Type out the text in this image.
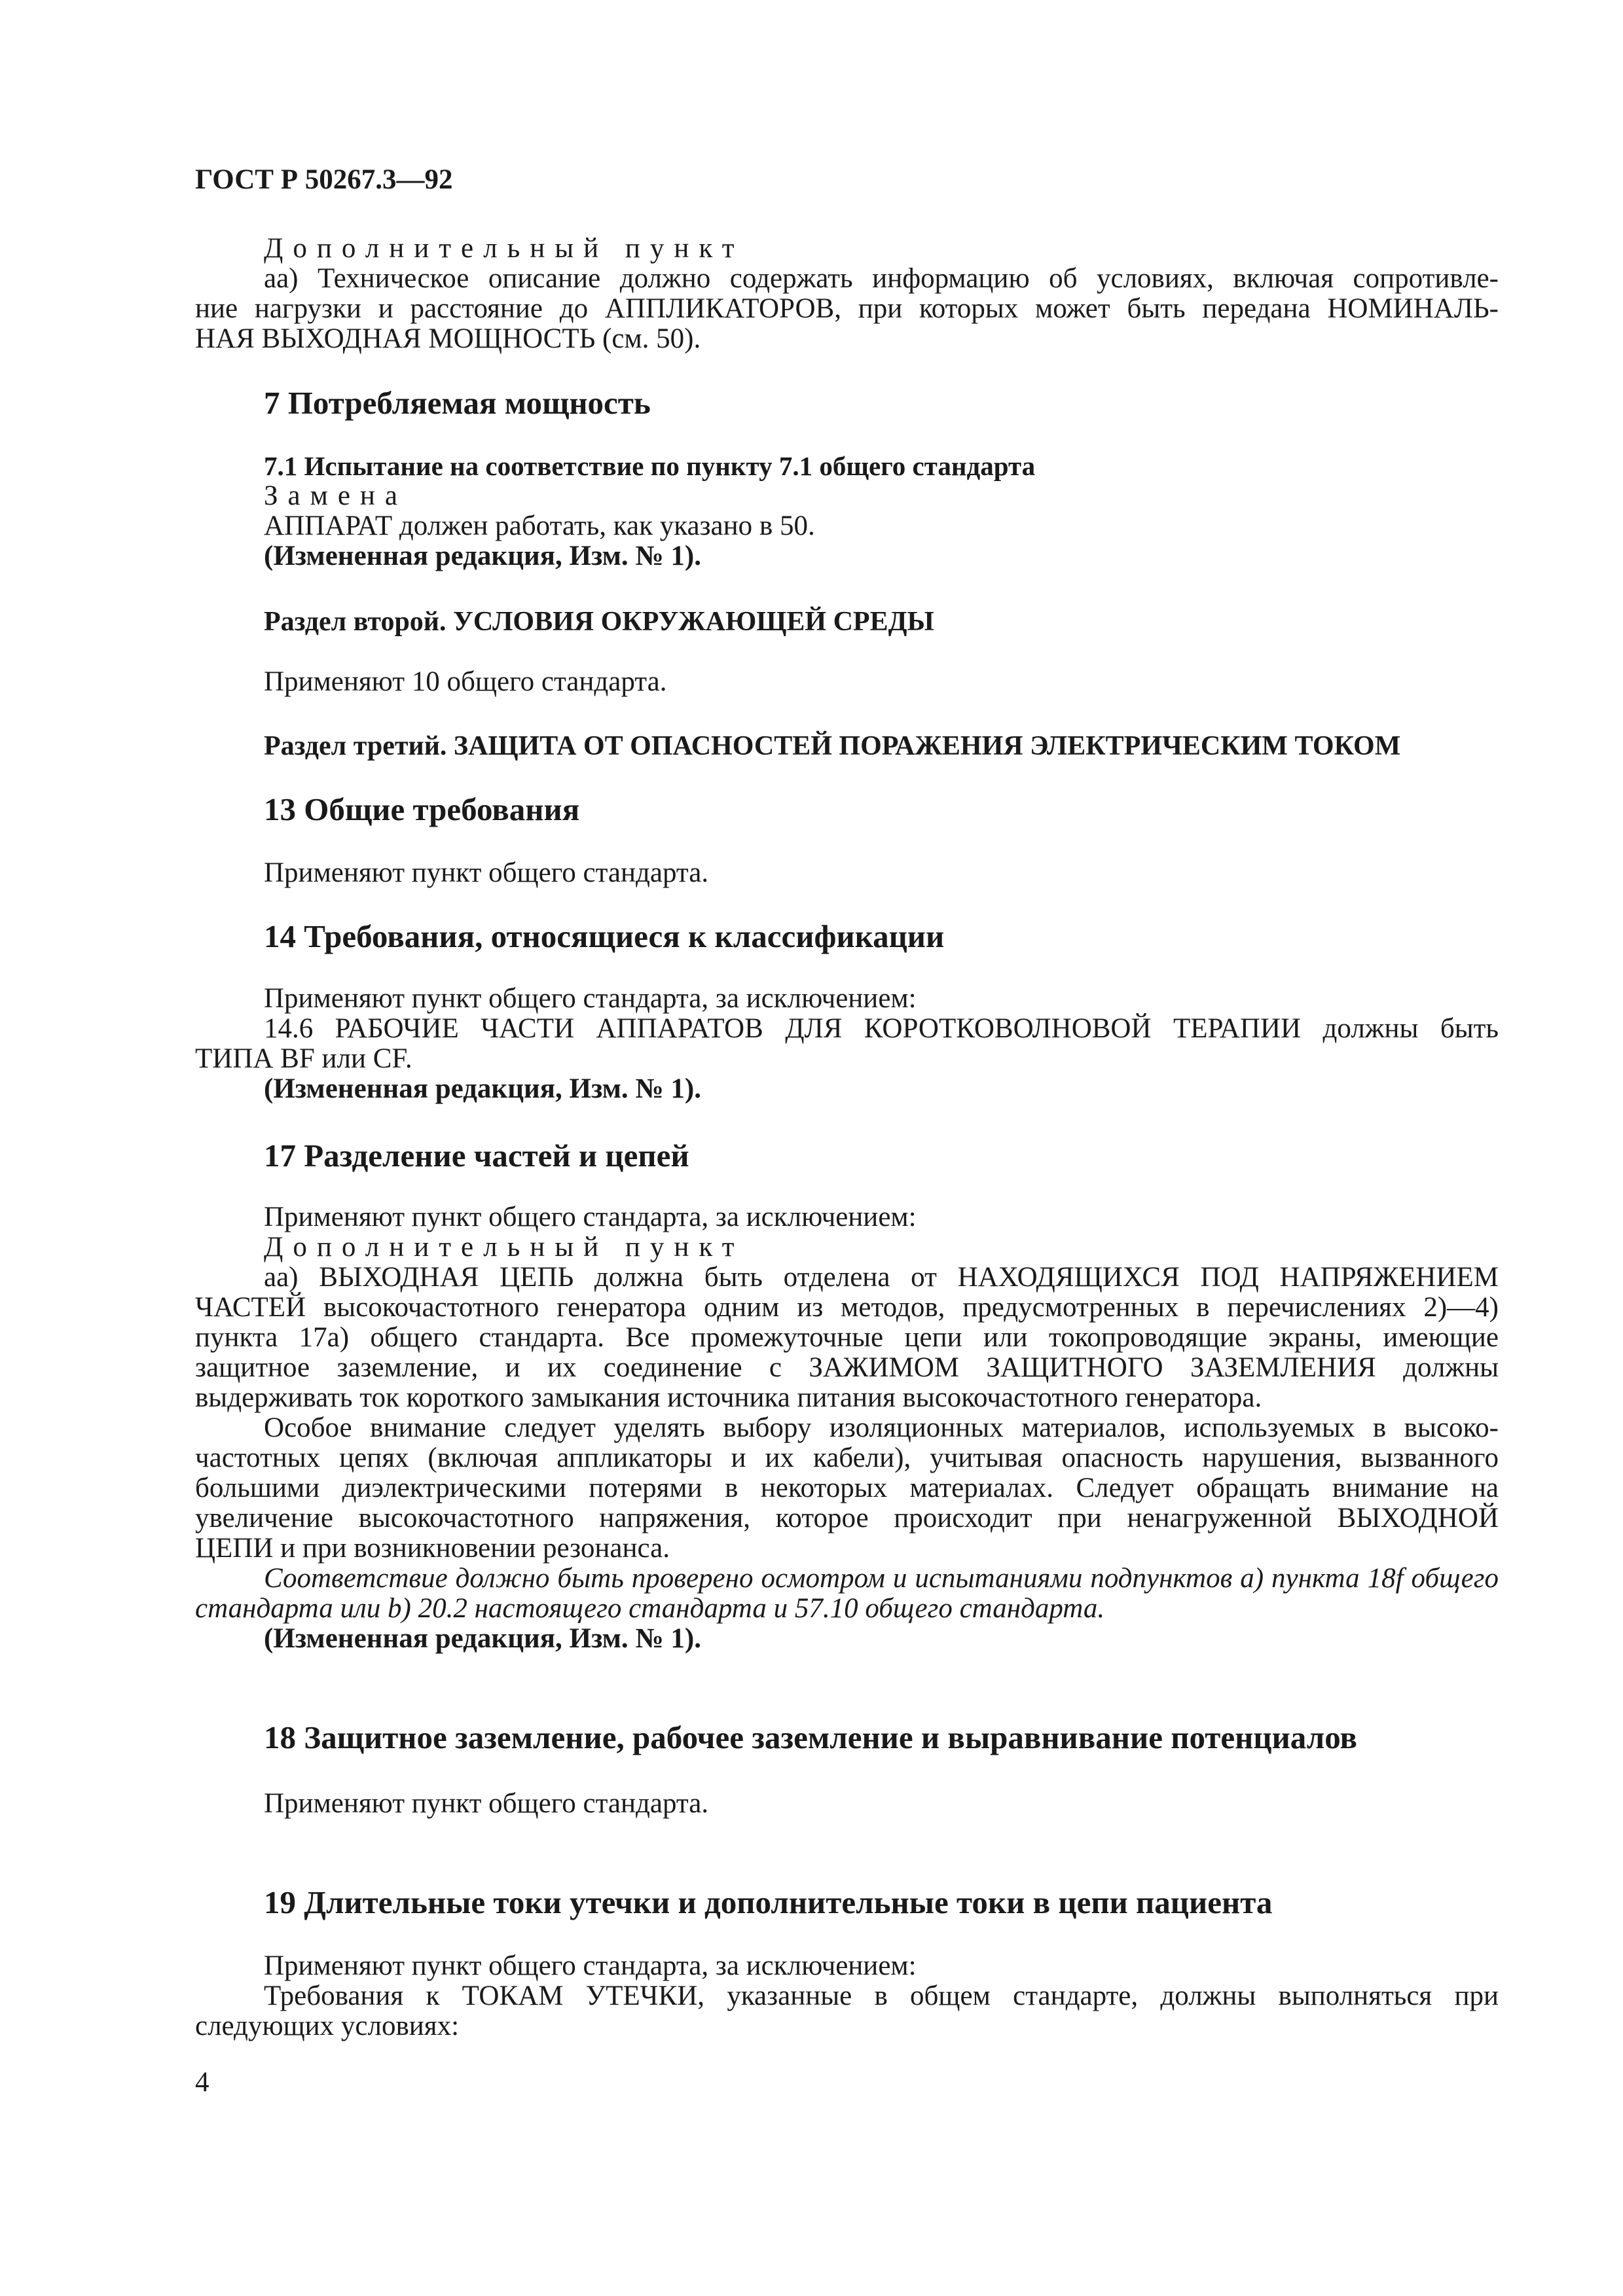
ГОСТ Р 50267.3—92
Дополнительный пункт
аа) Техническое описание должно содержать информацию об условиях, включая сопротивле-
ние нагрузки и расстояние до АППЛИКАТОРОВ, при которых может быть передана НОМИНАЛЬ-
НАЯ ВЫХОДНАЯ МОЩНОСТЬ (см. 50).
7 Потребляемая мощность
7.1 Испытание на соответствие по пункту 7.1 общего стандарта
Замена
АППАРАТ должен работать, как указано в 50.
(Измененная редакция, Изм. № 1).
Раздел второй. УСЛОВИЯ ОКРУЖАЮЩЕЙ СРЕДЫ
Применяют 10 общего стандарта.
Раздел третий. ЗАЩИТА ОТ ОПАСНОСТЕЙ ПОРАЖЕНИЯ ЭЛЕКТРИЧЕСКИМ ТОКОМ
13 Общие требования
Применяют пункт общего стандарта.
14 Требования, относящиеся к классификации
Применяют пункт общего стандарта, за исключением:
14.6 РАБОЧИЕ ЧАСТИ АППАРАТОВ ДЛЯ КОРОТКОВОЛНОВОЙ ТЕРАПИИ должны быть
ТИПА BF или CF.
(Измененная редакция, Изм. № 1).
17 Разделение частей и цепей
Применяют пункт общего стандарта, за исключением:
Дополнительный пункт
аа) ВЫХОДНАЯ ЦЕПЬ должна быть отделена от НАХОДЯЩИХСЯ ПОД НАПРЯЖЕНИЕМ
ЧАСТЕЙ высокочастотного генератора одним из методов, предусмотренных в перечислениях 2)—4)
пункта 17а) общего стандарта. Все промежуточные цепи или токопроводящие экраны, имеющие
защитное заземление, и их соединение с ЗАЖИМОМ ЗАЩИТНОГО ЗАЗЕМЛЕНИЯ должны
выдерживать ток короткого замыкания источника питания высокочастотного генератора.
Особое внимание следует уделять выбору изоляционных материалов, используемых в высоко-
частотных цепях (включая аппликаторы и их кабели), учитывая опасность нарушения, вызванного
большими диэлектрическими потерями в некоторых материалах. Следует обращать внимание на
увеличение высокочастотного напряжения, которое происходит при ненагруженной ВЫХОДНОЙ
ЦЕПИ и при возникновении резонанса.
Соответствие должно быть проверено осмотром и испытаниями подпунктов а) пункта 18f общего
стандарта или b) 20.2 настоящего стандарта и 57.10 общего стандарта.
(Измененная редакция, Изм. № 1).
18 Защитное заземление, рабочее заземление и выравнивание потенциалов
Применяют пункт общего стандарта.
19 Длительные токи утечки и дополнительные токи в цепи пациента
Применяют пункт общего стандарта, за исключением:
Требования к ТОКАМ УТЕЧКИ, указанные в общем стандарте, должны выполняться при
следующих условиях:
4
